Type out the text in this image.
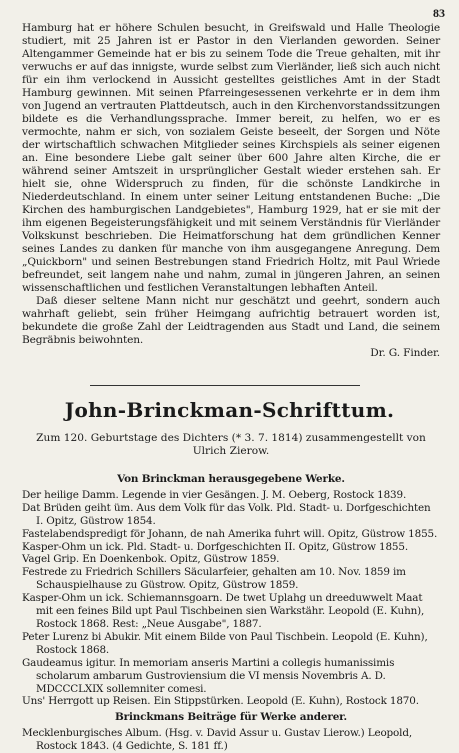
83

Hamburg hat er höhere Schulen besucht, in Greifswald und Halle Theologie studiert, mit 25 Jahren ist er Pastor in den Vierlanden geworden. Seiner Altengammer Gemeinde hat er bis zu seinem Tode die Treue gehalten, mit ihr verwuchs er auf das innigste, wurde selbst zum Vierländer, ließ sich auch nicht für ein ihm verlockend in Aussicht gestelltes geistliches Amt in der Stadt Hamburg gewinnen. Mit seinen Pfarreingesessenen verkehrte er in dem ihm von Jugend an vertrauten Plattdeutsch, auch in den Kirchenvorstandssitzungen bildete es die Verhandlungssprache. Immer bereit, zu helfen, wo er es vermochte, nahm er sich, von sozialem Geiste beseelt, der Sorgen und Nöte der wirtschaftlich schwachen Mitglieder seines Kirchspiels als seiner eigenen an. Eine besondere Liebe galt seiner über 600 Jahre alten Kirche, die er während seiner Amtszeit in ursprünglicher Gestalt wieder erstehen sah. Er hielt sie, ohne Widerspruch zu finden, für die schönste Landkirche in Niederdeutschland. In einem unter seiner Leitung entstandenen Buche: „Die Kirchen des hamburgischen Landgebietes", Hamburg 1929, hat er sie mit der ihm eigenen Begeisterungsfähigkeit und mit seinem Verständnis für Vierländer Volkskunst beschrieben. Die Heimatforschung hat dem gründlichen Kenner seines Landes zu danken für manche von ihm ausgegangene Anregung. Dem „Quickborn" und seinen Bestrebungen stand Friedrich Holtz, mit Paul Wriede befreundet, seit langem nahe und nahm, zumal in jüngeren Jahren, an seinen wissenschaftlichen und festlichen Veranstaltungen lebhaften Anteil.

Daß dieser seltene Mann nicht nur geschätzt und geehrt, sondern auch wahrhaft geliebt, sein früher Heimgang aufrichtig betrauert worden ist, bekundete die große Zahl der Leidtragenden aus Stadt und Land, die seinem Begräbnis beiwohnten.

Dr. G. Finder.

John-Brinckman-Schrifttum.
Zum 120. Geburtstage des Dichters (* 3. 7. 1814) zusammengestellt von Ulrich Zierow.
Von Brinckman herausgegebene Werke.

Der heilige Damm. Legende in vier Gesängen. J. M. Oeberg, Rostock 1839.

Dat Brüden geiht üm. Aus dem Volk für das Volk. Pld. Stadt- u. Dorfgeschichten I. Opitz, Güstrow 1854.

Fastelabendspredigt för Johann, de nah Amerika fuhrt will. Opitz, Güstrow 1855.

Kasper-Ohm un ick. Pld. Stadt- u. Dorfgeschichten II. Opitz, Güstrow 1855.

Vagel Grip. En Doenkenbok. Opitz, Güstrow 1859.

Festrede zu Friedrich Schillers Säcularfeier, gehalten am 10. Nov. 1859 im Schauspielhause zu Güstrow. Opitz, Güstrow 1859.

Kasper-Ohm un ick. Schiemannsgoarn. De twet Uplahg un dreeduwwelt Maat mit een feines Bild upt Paul Tischbeinen sien Warkstähr. Leopold (E. Kuhn), Rostock 1868. Rest: „Neue Ausgabe", 1887.

Peter Lurenz bi Abukir. Mit einem Bilde von Paul Tischbein. Leopold (E. Kuhn), Rostock 1868.

Gaudeamus igitur. In memoriam anseris Martini a collegis humanissimis scholarum ambarum Gustroviensium die VI mensis Novembris A. D. MDCCCLXIX sollemniter comesi.

Uns' Herrgott up Reisen. Ein Stippstürken. Leopold (E. Kuhn), Rostock 1870.

Brinckmans Beiträge für Werke anderer.

Mecklenburgisches Album. (Hsg. v. David Assur u. Gustav Lierow.) Leopold, Rostock 1843. (4 Gedichte, S. 181 ff.)
